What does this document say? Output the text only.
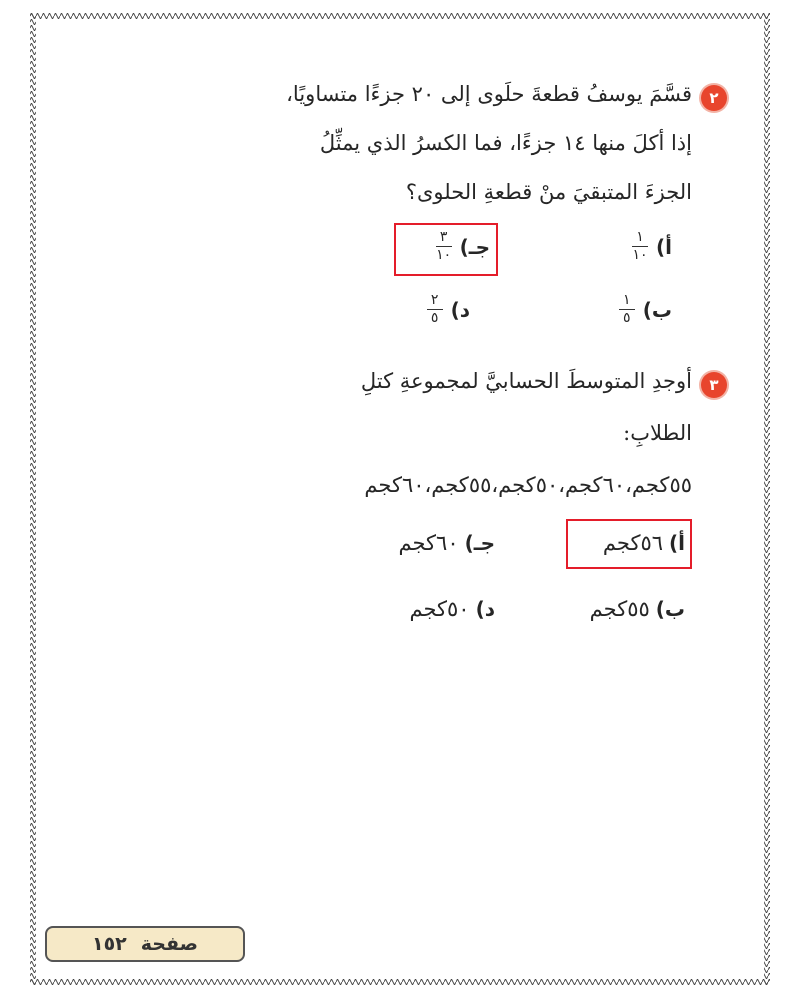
٢
قسَّمَ يوسفُ قطعةَ حلَوى إلى ٢٠ جزءًا متساويًا،
إذا أكلَ منها ١٤ جزءًا، فما الكسرُ الذي يمثِّلُ
الجزءَ المتبقيَ منْ قطعةِ الحلوى؟
أ)
$\frac{١}{١٠}$
ب)
$\frac{١}{٥}$
جـ)
$\frac{٣}{١٠}$
د)
$\frac{٢}{٥}$
٣
أوجدِ المتوسطَ الحسابيَّ لمجموعةِ كتلِ
الطلابِ:
٥٥كجم،٦٠كجم،٥٠كجم،٥٥كجم،٦٠كجم
أ)
٥٦كجم
ب)
٥٥كجم
جـ)
٦٠كجم
د)
٥٠كجم
صفحة
١٥٢
